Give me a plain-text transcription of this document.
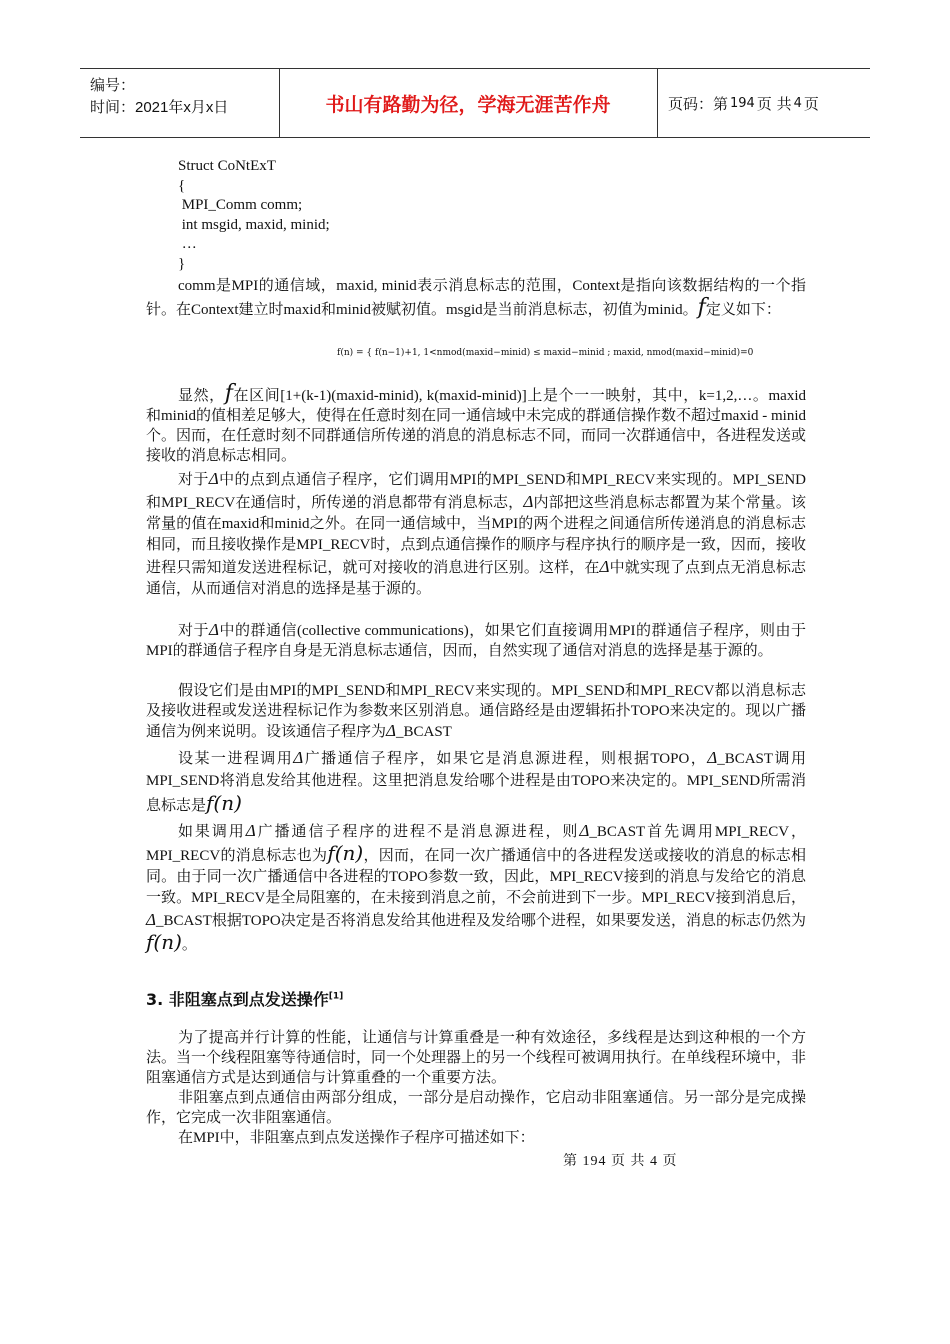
编号：
时间：2021年x月x日	书山有路勤为径，学海无涯苦作舟	页码：第 194 页 共 4 页
Struct CoNtExT
{
MPI_Comm comm;
int msgid, maxid, minid;
…
}

comm是MPI的通信域，maxid, minid表示消息标志的范围，Context是指向该数据结构的一个指针。在Context建立时maxid和minid被赋初值。msgid是当前消息标志，初值为minid。f定义如下：

f(n) = { f(n−1)+1, 1<nmod(maxid−minid) ≤ maxid−minid ; maxid, nmod(maxid−minid)=0

显然，f在区间[1+(k-1)(maxid-minid), k(maxid-minid)]上是个一一映射，其中，k=1,2,…。maxid和minid的值相差足够大，使得在任意时刻在同一通信域中未完成的群通信操作数不超过maxid - minid个。因而，在任意时刻不同群通信所传递的消息的消息标志不同，而同一次群通信中，各进程发送或接收的消息标志相同。

对于Δ中的点到点通信子程序，它们调用MPI的MPI_SEND和MPI_RECV来实现的。MPI_SEND和MPI_RECV在通信时，所传递的消息都带有消息标志，Δ内部把这些消息标志都置为某个常量。该常量的值在maxid和minid之外。在同一通信域中，当MPI的两个进程之间通信所传递消息的消息标志相同，而且接收操作是MPI_RECV时，点到点通信操作的顺序与程序执行的顺序是一致，因而，接收进程只需知道发送进程标记，就可对接收的消息进行区别。这样，在Δ中就实现了点到点无消息标志通信，从而通信对消息的选择是基于源的。

对于Δ中的群通信(collective communications)，如果它们直接调用MPI的群通信子程序，则由于MPI的群通信子程序自身是无消息标志通信，因而，自然实现了通信对消息的选择是基于源的。

假设它们是由MPI的MPI_SEND和MPI_RECV来实现的。MPI_SEND和MPI_RECV都以消息标志及接收进程或发送进程标记作为参数来区别消息。通信路经是由逻辑拓扑TOPO来决定的。现以广播通信为例来说明。设该通信子程序为Δ_BCAST

设某一进程调用Δ广播通信子程序，如果它是消息源进程，则根据TOPO，Δ_BCAST调用MPI_SEND将消息发给其他进程。这里把消息发给哪个进程是由TOPO来决定的。MPI_SEND所需消息标志是f(n)

如果调用Δ广播通信子程序的进程不是消息源进程，则Δ_BCAST首先调用MPI_RECV，MPI_RECV的消息标志也为f(n)，因而，在同一次广播通信中的各进程发送或接收的消息的标志相同。由于同一次广播通信中各进程的TOPO参数一致，因此，MPI_RECV接到的消息与发给它的消息一致。MPI_RECV是全局阻塞的，在未接到消息之前，不会前进到下一步。MPI_RECV接到消息后，Δ_BCAST根据TOPO决定是否将消息发给其他进程及发给哪个进程，如果要发送，消息的标志仍然为f(n)。

3. 非阻塞点到点发送操作[1]

为了提高并行计算的性能，让通信与计算重叠是一种有效途径，多线程是达到这种根的一个方法。当一个线程阻塞等待通信时，同一个处理器上的另一个线程可被调用执行。在单线程环境中，非阻塞通信方式是达到通信与计算重叠的一个重要方法。

非阻塞点到点通信由两部分组成，一部分是启动操作，它启动非阻塞通信。另一部分是完成操作，它完成一次非阻塞通信。

在MPI中，非阻塞点到点发送操作子程序可描述如下：

第 194 页 共 4 页
